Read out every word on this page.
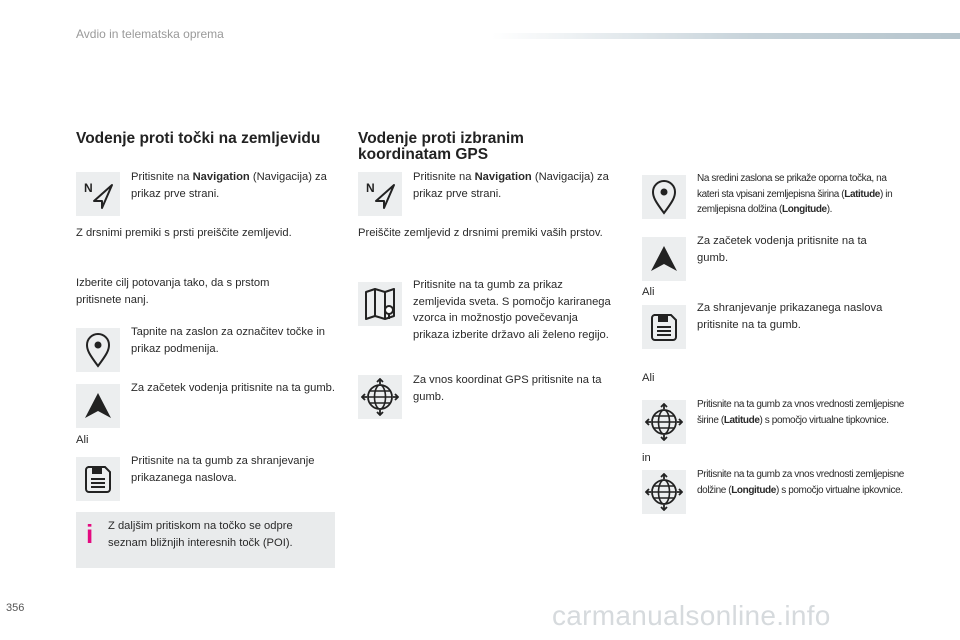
Avdio in telematska oprema
Vodenje proti točki na zemljevidu
N
Pritisnite na Navigation (Navigacija) za prikaz prve strani.
Z drsnimi premiki s prsti preiščite zemljevid.
Izberite cilj potovanja tako, da s prstom pritisnete nanj.
Tapnite na zaslon za označitev točke in prikaz podmenija.
Za začetek vodenja pritisnite na ta gumb.
Ali
Pritisnite na ta gumb za shranjevanje prikazanega naslova.
i Z daljšim pritiskom na točko se odpre seznam bližnjih interesnih točk (POI).
Vodenje proti izbranim koordinatam GPS
N
Pritisnite na Navigation (Navigacija) za prikaz prve strani.
Preiščite zemljevid z drsnimi premiki vaših prstov.
Pritisnite na ta gumb za prikaz zemljevida sveta. S pomočjo kariranega vzorca in možnostjo povečevanja prikaza izberite državo ali želeno regijo.
Za vnos koordinat GPS pritisnite na ta gumb.
Na sredini zaslona se prikaže oporna točka, na kateri sta vpisani zemljepisna širina (Latitude) in zemljepisna dolžina (Longitude).
Za začetek vodenja pritisnite na ta gumb.
Ali
Za shranjevanje prikazanega naslova pritisnite na ta gumb.
Ali
Pritisnite na ta gumb za vnos vrednosti zemljepisne širine (Latitude) s pomočjo virtualne tipkovnice.
in
Pritisnite na ta gumb za vnos vrednosti zemljepisne dolžine (Longitude) s pomočjo virtualne ipkovnice.
356	carmanualsonline.info
